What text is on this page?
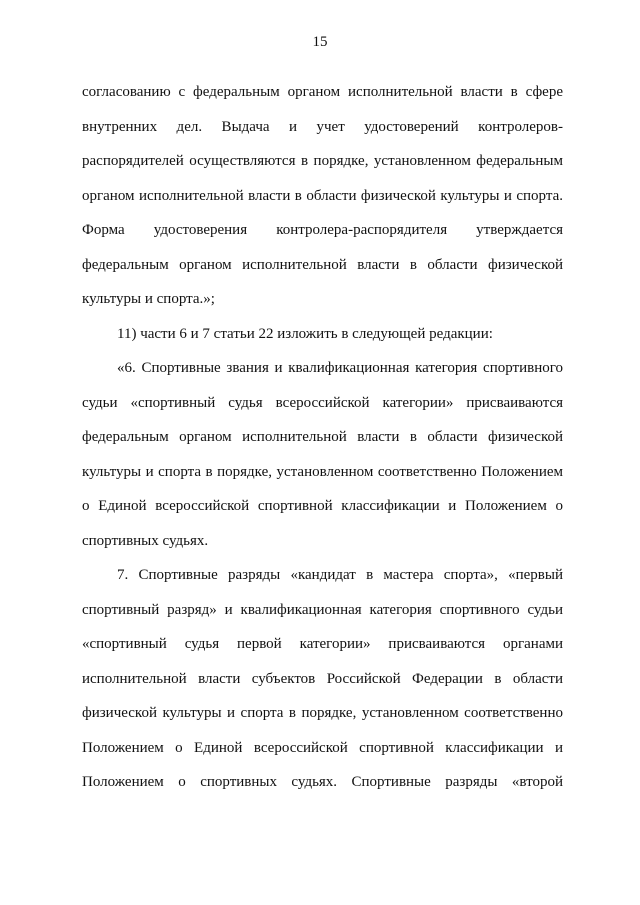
15

согласованию с федеральным органом исполнительной власти в сфере внутренних дел. Выдача и учет удостоверений контролеров-распорядителей осуществляются в порядке, установленном федеральным органом исполнительной власти в области физической культуры и спорта. Форма удостоверения контролера-распорядителя утверждается федеральным органом исполнительной власти в области физической культуры и спорта.»;

11) части 6 и 7 статьи 22 изложить в следующей редакции:

«6. Спортивные звания и квалификационная категория спортивного судьи «спортивный судья всероссийской категории» присваиваются федеральным органом исполнительной власти в области физической культуры и спорта в порядке, установленном соответственно Положением о Единой всероссийской спортивной классификации и Положением о спортивных судьях.

7. Спортивные разряды «кандидат в мастера спорта», «первый спортивный разряд» и квалификационная категория спортивного судьи «спортивный судья первой категории» присваиваются органами исполнительной власти субъектов Российской Федерации в области физической культуры и спорта в порядке, установленном соответственно Положением о Единой всероссийской спортивной классификации и Положением о спортивных судьях. Спортивные разряды «второй
